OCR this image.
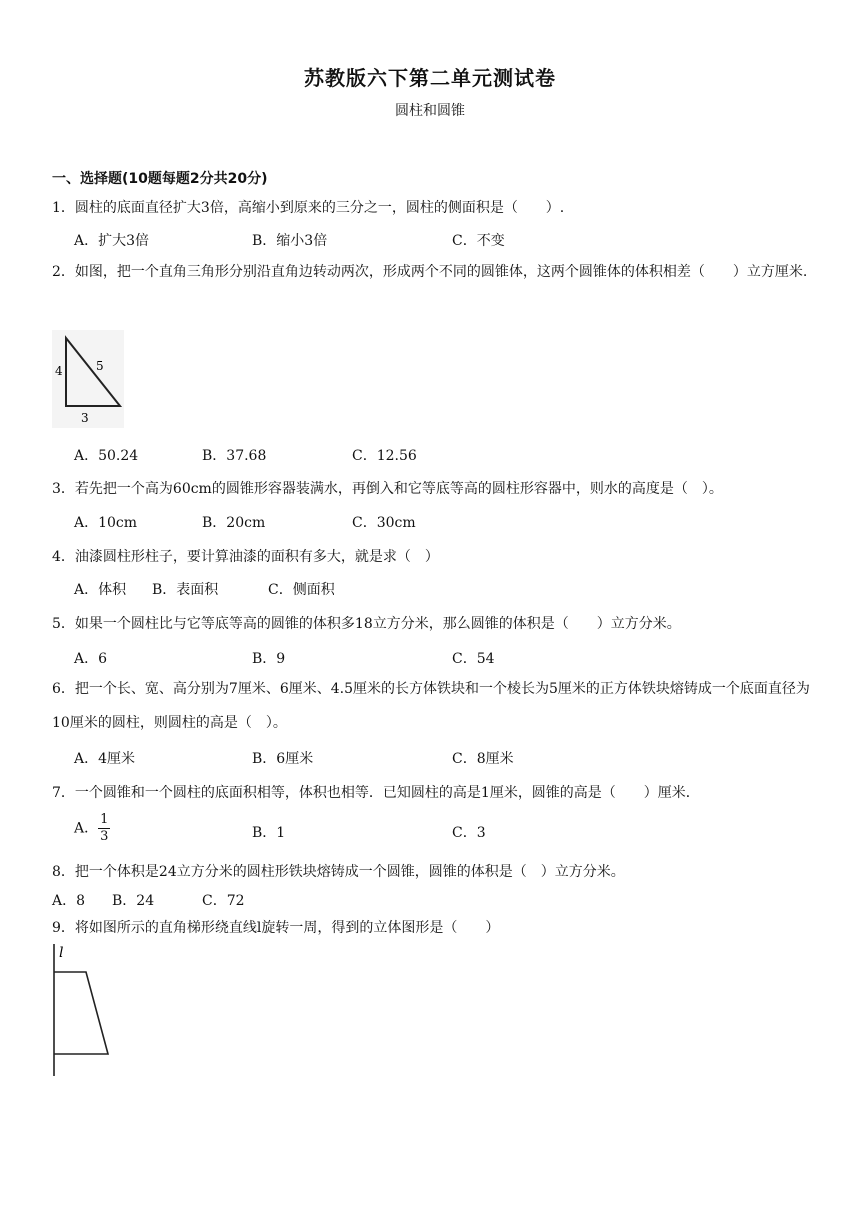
苏教版六下第二单元测试卷
圆柱和圆锥
一、选择题(10题每题2分共20分)
1．圆柱的底面直径扩大3倍，高缩小到原来的三分之一，圆柱的侧面积是（　　）.
A．扩大3倍	B．缩小3倍	C．不变
2．如图，把一个直角三角形分别沿直角边转动两次，形成两个不同的圆锥体，这两个圆锥体的体积相差（　　）立方厘米.
4	5
3
A．50.24	B．37.68	C．12.56
3．若先把一个高为60cm的圆锥形容器装满水，再倒入和它等底等高的圆柱形容器中，则水的高度是（　）。
A．10cm	B．20cm	C．30cm
4．油漆圆柱形柱子，要计算油漆的面积有多大，就是求（　）
A．体积 B．表面积	C．侧面积
5．如果一个圆柱比与它等底等高的圆锥的体积多18立方分米，那么圆锥的体积是（　　）立方分米。
A．6	B．9	C．54
6．把一个长、宽、高分别为7厘米、6厘米、4.5厘米的长方体铁块和一个棱长为5厘米的正方体铁块熔铸成一个底面直径为10厘米的圆柱，则圆柱的高是（　）。
A．4厘米	B．6厘米	C．8厘米
7．一个圆锥和一个圆柱的底面积相等，体积也相等．已知圆柱的高是1厘米，圆锥的高是（　　）厘米．
A． $\frac{1}{3}$	B．1	C．3
8．把一个体积是24立方分米的圆柱形铁块熔铸成一个圆锥，圆锥的体积是（　）立方分米。
A．8 B．24	C．72
9．将如图所示的直角梯形绕直线l旋转一周，得到的立体图形是（　　）
l
